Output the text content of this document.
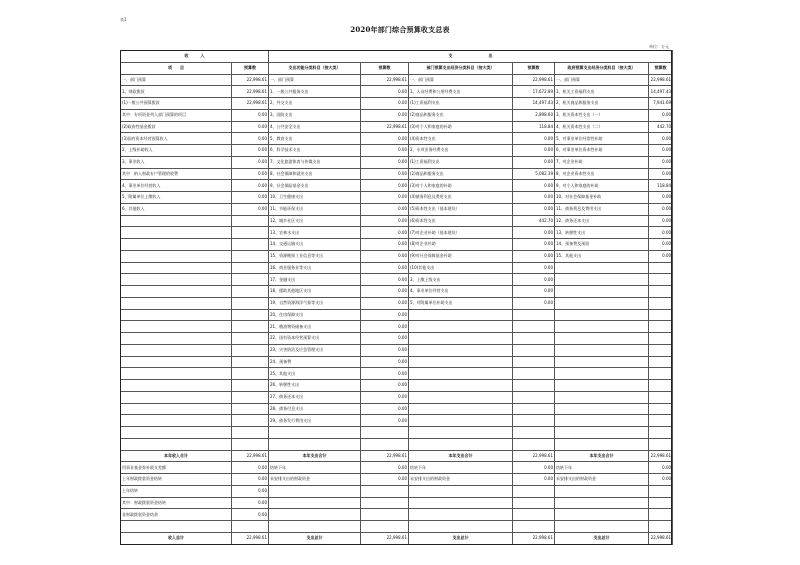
表1
2020年部门综合预算收支总表
单位：万元
收　　　入		支　　　　　　　　　出					
项　　目	预算数	支出功能分类科目（按大类）	预算数	部门预算支出经济分类科目（按大类）	预算数	政府预算支出经济分类科目（按大类）	预算数
一、部门预算	22,998.61	一、部门预算	22,998.61	一、部门预算	22,998.61	一、部门预算	22,998.61
1、财政拨款	22,998.61	1、一般公共服务支出	0.00	1、人员经费和公用经费支出	17,672.89	1、机关工资福利支出	14,497.43
(1)一般公共预算拨款	22,998.61	2、外交支出	0.00	(1)工资福利支出	14,497.43	2、机关商品和服务支出	7,941.69
其中：专项资金列入部门预算的项目	0.00	3、国防支出	0.00	(2)商品和服务支出	2,898.60	3、机关资本性支出（一）	0.00
(2)政府性基金拨款	0.00	4、公共安全支出	22,998.61	(3)对个人和家庭的补助	118.84	4、机关资本性支出（二）	442.70
(3)国有资本经营预算收入	0.00	5、教育支出	0.00	(4)资本性支出	0.00	5、对事业单位经常性补助	0.00
2、上级补助收入	0.00	6、科学技术支出	0.00	2、专项业务经费支出	0.00	6、对事业单位资本性补助	0.00
3、事业收入	0.00	7、文化旅游体育与传媒支出	0.00	(1)工资福利支出	0.00	7、对企业补助	0.00
其中：纳入财政专户管理的收费	0.00	8、社会保障和就业支出	0.00	(2)商品和服务支出	5,082.39	8、对企业资本性支出	0.00
4、事业单位经营收入	0.00	9、社会保险基金支出	0.00	(3)对个人和家庭的补助	0.00	9、对个人和家庭的补助	118.84
5、附属单位上缴收入	0.00	10、卫生健康支出	0.00	(4)债务利息及费用支出	0.00	10、对社会保障基金补助	0.00
6、其他收入	0.00	11、节能环保支出	0.00	(5)资本性支出（基本建设）	0.00	11、债务利息及费用支出	0.00
		12、城乡社区支出	0.00	(6)资本性支出	442.70	12、债务还本支出	0.00
		13、农林水支出	0.00	(7)对企业补助（基本建设）	0.00	13、转移性支出	0.00
		14、交通运输支出	0.00	(8)对企业补助	0.00	14、预备费及预留	0.00
		15、资源勘探工业信息等支出	0.00	(9)对社会保障基金补助	0.00	15、其他支出	0.00
		16、商业服务业等支出	0.00	(10)其他支出	0.00		
		17、金融支出	0.00	3、上缴上级支出	0.00		
		18、援助其他地区支出	0.00	4、事业单位经营支出	0.00		
		19、自然资源海洋气象等支出	0.00	5、对附属单位补助支出	0.00		
		20、住房保障支出	0.00				
		21、粮油物资储备支出	0.00				
		22、国有资本经营预算支出	0.00				
		23、灾害防治及应急管理支出	0.00				
		24、预备费	0.00				
		25、其他支出	0.00				
		26、转移性支出	0.00				
		27、债务还本支出	0.00				
		28、债务付息支出	0.00				
		29、债务发行费用支出	0.00				

本年收入合计	22,998.61	本年支出合计	22,998.61	本年支出合计	22,998.61	本年支出合计	22,998.61
用事业基金弥补收支差额	0.00	结转下年	0.00	结转下年	0.00	结转下年	0.00
上年财政拨款资金结转	0.00	未安排支出的财政资金	0.00	未安排支出的财政资金	0.00	未安排支出的财政资金	0.00
上年结转	0.00						
其中：财政拨款资金结转	0.00						
非财政拨款资金结余	0.00						

收入总计	22,998.61	支出总计	22,998.61	支出总计	22,998.61	支出总计	22,998.61
